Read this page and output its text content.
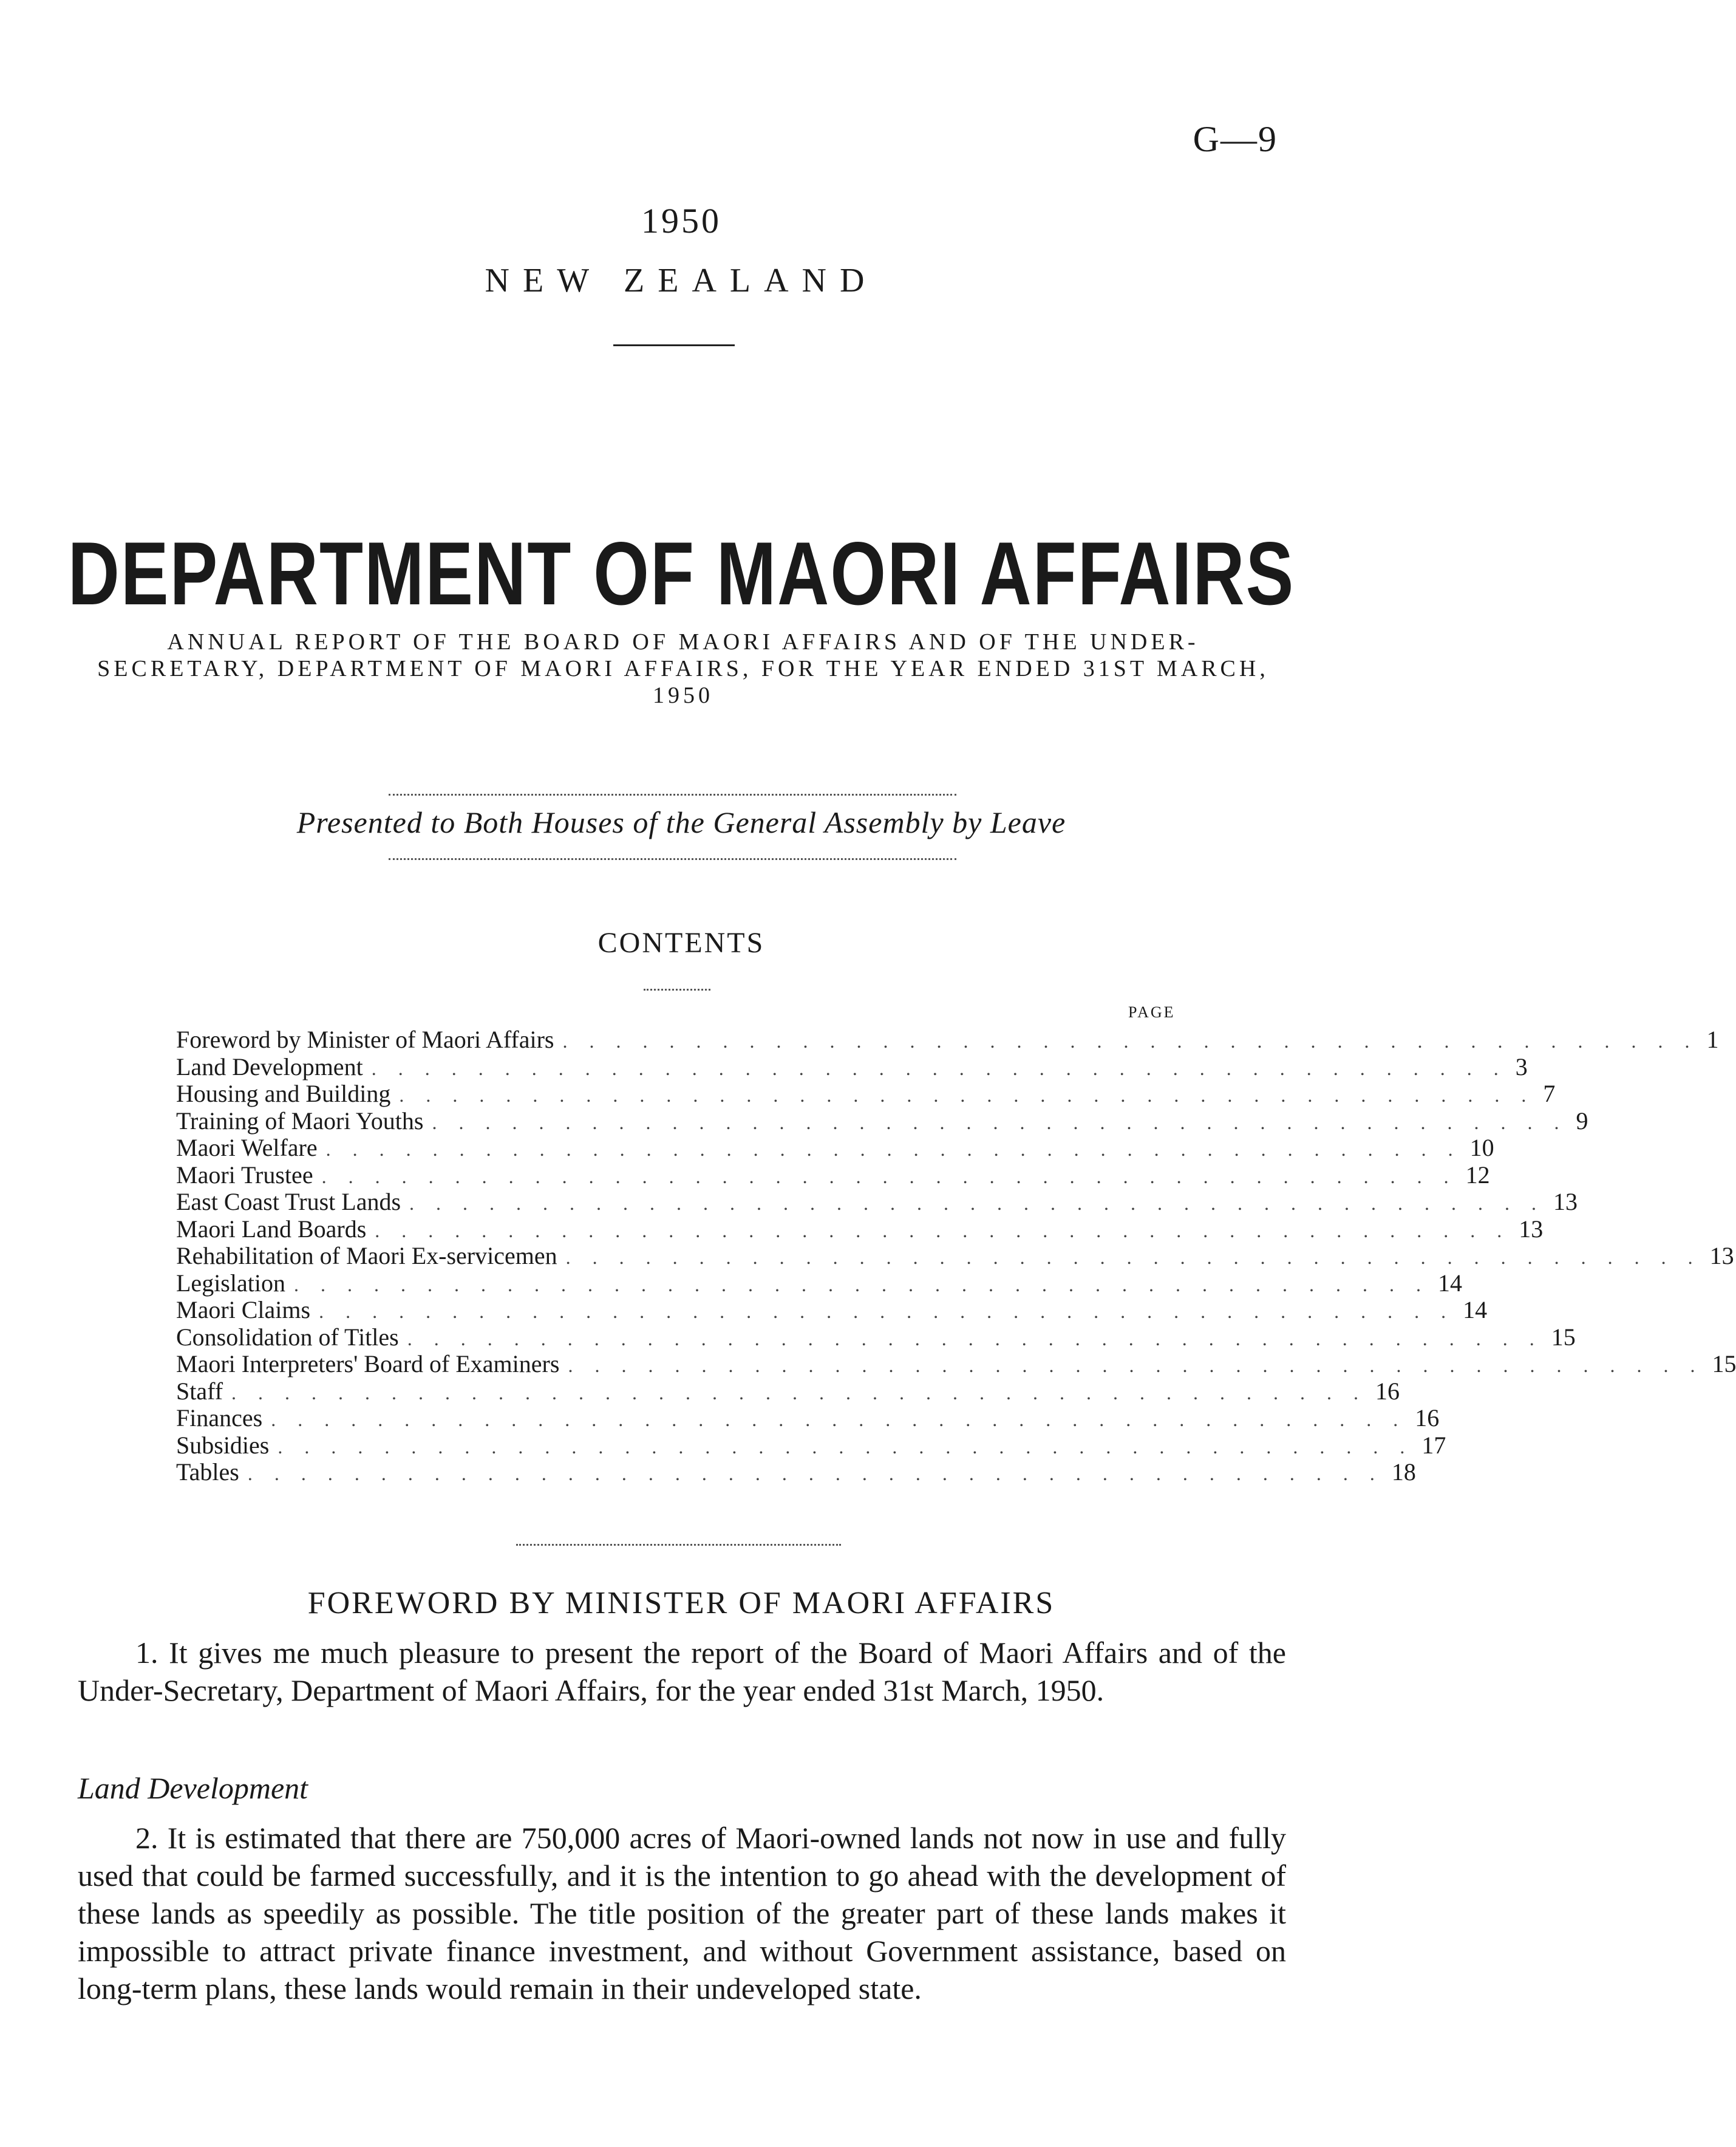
G—9
1950
NEW ZEALAND
DEPARTMENT OF MAORI AFFAIRS
ANNUAL REPORT OF THE BOARD OF MAORI AFFAIRS AND OF THE UNDER-SECRETARY, DEPARTMENT OF MAORI AFFAIRS, FOR THE YEAR ENDED 31ST MARCH, 1950
Presented to Both Houses of the General Assembly by Leave
CONTENTS
PAGE
Foreword by Minister of Maori Affairs . . . . . . . . . . . . . . . . . . . . . . . . . . . . . . . . . . . . . . . . . . . 1
Land Development . . . . . . . . . . . . . . . . . . . . . . . . . . . . . . . . . . . . . . . . . . . 3
Housing and Building . . . . . . . . . . . . . . . . . . . . . . . . . . . . . . . . . . . . . . . . . . . 7
Training of Maori Youths . . . . . . . . . . . . . . . . . . . . . . . . . . . . . . . . . . . . . . . . . . . 9
Maori Welfare . . . . . . . . . . . . . . . . . . . . . . . . . . . . . . . . . . . . . . . . . . . 10
Maori Trustee . . . . . . . . . . . . . . . . . . . . . . . . . . . . . . . . . . . . . . . . . . . 12
East Coast Trust Lands . . . . . . . . . . . . . . . . . . . . . . . . . . . . . . . . . . . . . . . . . . . 13
Maori Land Boards . . . . . . . . . . . . . . . . . . . . . . . . . . . . . . . . . . . . . . . . . . . 13
Rehabilitation of Maori Ex-servicemen . . . . . . . . . . . . . . . . . . . . . . . . . . . . . . . . . . . . . . . . . . . 13
Legislation . . . . . . . . . . . . . . . . . . . . . . . . . . . . . . . . . . . . . . . . . . . 14
Maori Claims . . . . . . . . . . . . . . . . . . . . . . . . . . . . . . . . . . . . . . . . . . . 14
Consolidation of Titles . . . . . . . . . . . . . . . . . . . . . . . . . . . . . . . . . . . . . . . . . . . 15
Maori Interpreters' Board of Examiners . . . . . . . . . . . . . . . . . . . . . . . . . . . . . . . . . . . . . . . . . . . 15
Staff . . . . . . . . . . . . . . . . . . . . . . . . . . . . . . . . . . . . . . . . . . . 16
Finances . . . . . . . . . . . . . . . . . . . . . . . . . . . . . . . . . . . . . . . . . . . 16
Subsidies . . . . . . . . . . . . . . . . . . . . . . . . . . . . . . . . . . . . . . . . . . . 17
Tables . . . . . . . . . . . . . . . . . . . . . . . . . . . . . . . . . . . . . . . . . . . 18
FOREWORD BY MINISTER OF MAORI AFFAIRS

1. It gives me much pleasure to present the report of the Board of Maori Affairs and of the Under-Secretary, Department of Maori Affairs, for the year ended 31st March, 1950.

Land Development

2. It is estimated that there are 750,000 acres of Maori-owned lands not now in use and fully used that could be farmed successfully, and it is the intention to go ahead with the development of these lands as speedily as possible. The title position of the greater part of these lands makes it impossible to attract private finance investment, and without Government assistance, based on long-term plans, these lands would remain in their undeveloped state.
